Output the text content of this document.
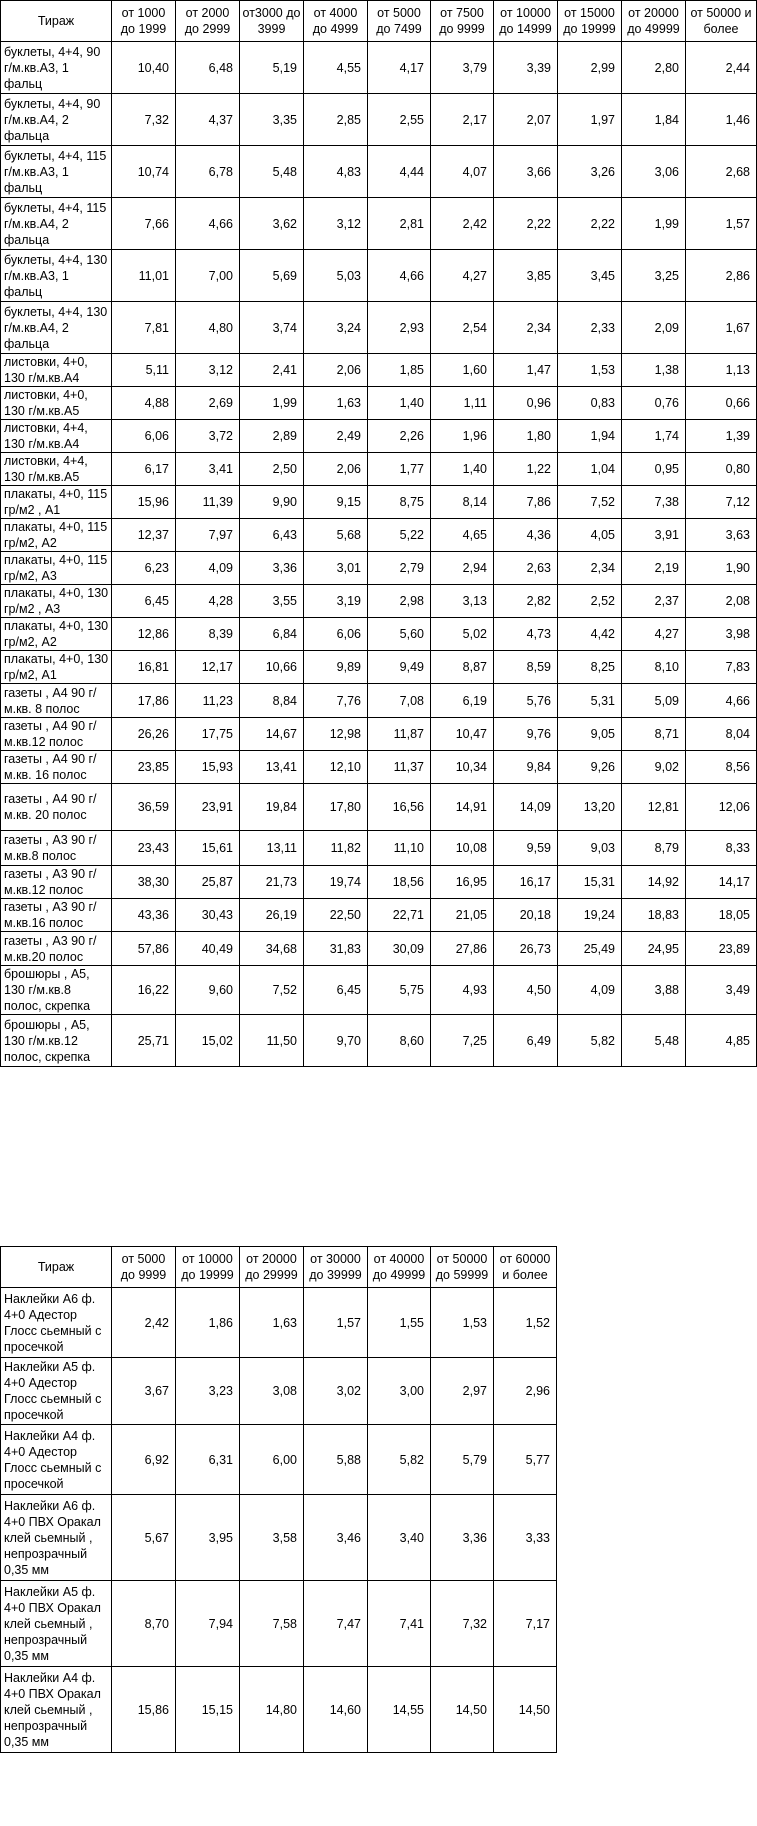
Тираж	от 1000 до 1999	от 2000 до 2999	от3000 до 3999	от 4000 до 4999	от 5000 до 7499	от 7500 до 9999	от 10000 до 14999	от 15000 до 19999	от 20000 до 49999	от 50000 и более
буклеты, 4+4, 90 г/м.кв.А3, 1 фальц	10,40	6,48	5,19	4,55	4,17	3,79	3,39	2,99	2,80	2,44
буклеты, 4+4, 90 г/м.кв.А4, 2 фальца	7,32	4,37	3,35	2,85	2,55	2,17	2,07	1,97	1,84	1,46
буклеты, 4+4, 115 г/м.кв.А3, 1 фальц	10,74	6,78	5,48	4,83	4,44	4,07	3,66	3,26	3,06	2,68
буклеты, 4+4, 115 г/м.кв.А4, 2 фальца	7,66	4,66	3,62	3,12	2,81	2,42	2,22	2,22	1,99	1,57
буклеты, 4+4, 130 г/м.кв.А3, 1 фальц	11,01	7,00	5,69	5,03	4,66	4,27	3,85	3,45	3,25	2,86
буклеты, 4+4, 130 г/м.кв.А4, 2 фальца	7,81	4,80	3,74	3,24	2,93	2,54	2,34	2,33	2,09	1,67
листовки, 4+0, 130 г/м.кв.А4	5,11	3,12	2,41	2,06	1,85	1,60	1,47	1,53	1,38	1,13
листовки, 4+0, 130 г/м.кв.А5	4,88	2,69	1,99	1,63	1,40	1,11	0,96	0,83	0,76	0,66
листовки, 4+4, 130 г/м.кв.А4	6,06	3,72	2,89	2,49	2,26	1,96	1,80	1,94	1,74	1,39
листовки, 4+4, 130 г/м.кв.А5	6,17	3,41	2,50	2,06	1,77	1,40	1,22	1,04	0,95	0,80
плакаты, 4+0, 115 гр/м2 , А1	15,96	11,39	9,90	9,15	8,75	8,14	7,86	7,52	7,38	7,12
плакаты, 4+0, 115 гр/м2, А2	12,37	7,97	6,43	5,68	5,22	4,65	4,36	4,05	3,91	3,63
плакаты, 4+0, 115 гр/м2, А3	6,23	4,09	3,36	3,01	2,79	2,94	2,63	2,34	2,19	1,90
плакаты, 4+0, 130 гр/м2 , А3	6,45	4,28	3,55	3,19	2,98	3,13	2,82	2,52	2,37	2,08
плакаты, 4+0, 130 гр/м2, А2	12,86	8,39	6,84	6,06	5,60	5,02	4,73	4,42	4,27	3,98
плакаты, 4+0, 130 гр/м2, А1	16,81	12,17	10,66	9,89	9,49	8,87	8,59	8,25	8,10	7,83
газеты , А4 90 г/м.кв. 8 полос	17,86	11,23	8,84	7,76	7,08	6,19	5,76	5,31	5,09	4,66
газеты , А4 90 г/м.кв.12 полос	26,26	17,75	14,67	12,98	11,87	10,47	9,76	9,05	8,71	8,04
газеты , А4 90 г/м.кв. 16 полос	23,85	15,93	13,41	12,10	11,37	10,34	9,84	9,26	9,02	8,56
газеты , А4 90 г/м.кв. 20 полос	36,59	23,91	19,84	17,80	16,56	14,91	14,09	13,20	12,81	12,06
газеты , А3 90 г/м.кв.8 полос	23,43	15,61	13,11	11,82	11,10	10,08	9,59	9,03	8,79	8,33
газеты , А3 90 г/м.кв.12 полос	38,30	25,87	21,73	19,74	18,56	16,95	16,17	15,31	14,92	14,17
газеты , А3 90 г/м.кв.16 полос	43,36	30,43	26,19	22,50	22,71	21,05	20,18	19,24	18,83	18,05
газеты , А3 90 г/м.кв.20 полос	57,86	40,49	34,68	31,83	30,09	27,86	26,73	25,49	24,95	23,89
брошюры , А5, 130 г/м.кв.8 полос, скрепка	16,22	9,60	7,52	6,45	5,75	4,93	4,50	4,09	3,88	3,49
брошюры , А5, 130 г/м.кв.12 полос, скрепка	25,71	15,02	11,50	9,70	8,60	7,25	6,49	5,82	5,48	4,85
Тираж	от 5000 до 9999	от 10000 до 19999	от 20000 до 29999	от 30000 до 39999	от 40000 до 49999	от 50000 до 59999	от 60000 и более
Наклейки А6 ф. 4+0 Адестор Глосс сьемный с просечкой	2,42	1,86	1,63	1,57	1,55	1,53	1,52
Наклейки А5 ф. 4+0 Адестор Глосс сьемный с просечкой	3,67	3,23	3,08	3,02	3,00	2,97	2,96
Наклейки А4 ф. 4+0 Адестор Глосс сьемный с просечкой	6,92	6,31	6,00	5,88	5,82	5,79	5,77
Наклейки А6 ф. 4+0 ПВХ Оракал клей сьемный , непрозрачный 0,35 мм	5,67	3,95	3,58	3,46	3,40	3,36	3,33
Наклейки А5 ф. 4+0 ПВХ Оракал клей сьемный , непрозрачный 0,35 мм	8,70	7,94	7,58	7,47	7,41	7,32	7,17
Наклейки А4 ф. 4+0 ПВХ Оракал клей сьемный , непрозрачный 0,35 мм	15,86	15,15	14,80	14,60	14,55	14,50	14,50
